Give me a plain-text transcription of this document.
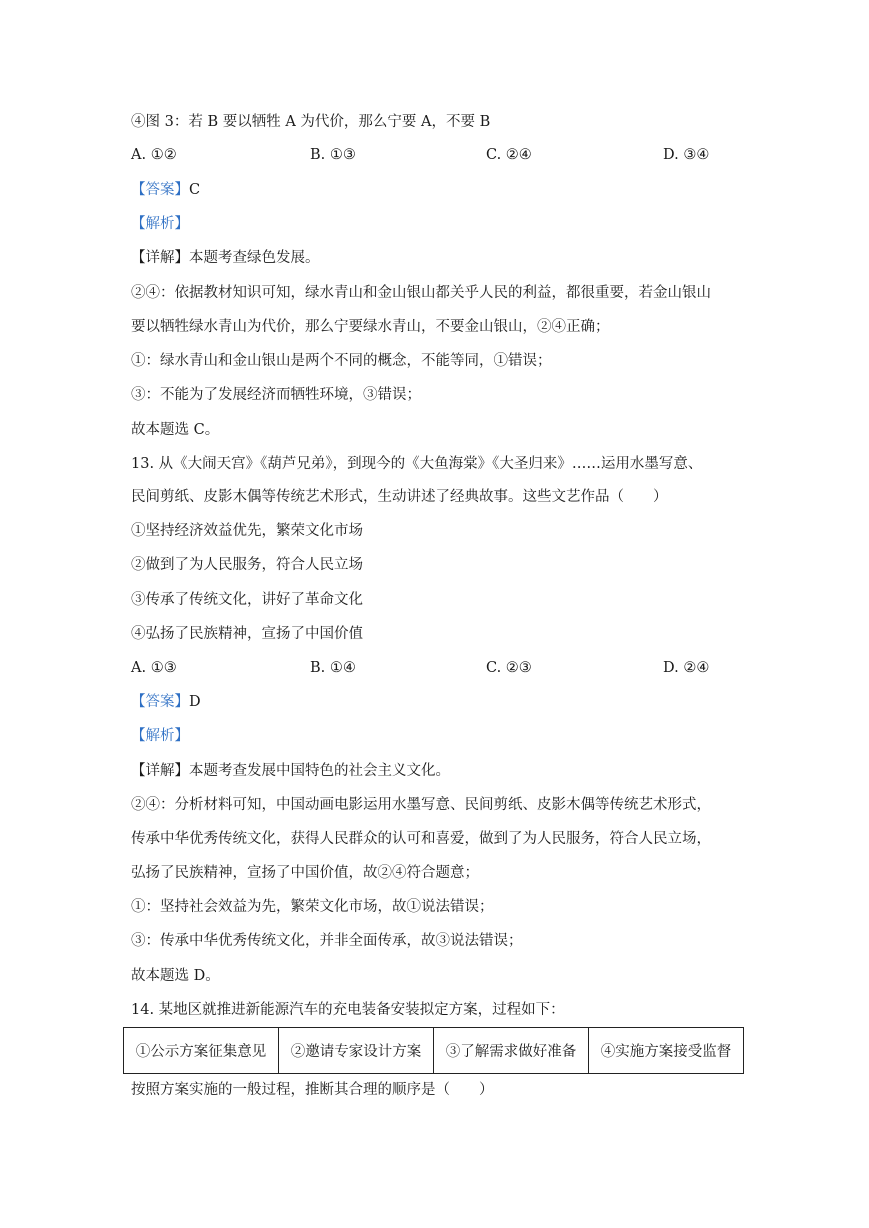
④图 3：若 B 要以牺牲 A 为代价，那么宁要 A，不要 B
A. ①②	B. ①③	C. ②④	D. ③④
【答案】C
【解析】
【详解】本题考查绿色发展。
②④：依据教材知识可知，绿水青山和金山银山都关乎人民的利益，都很重要，若金山银山
要以牺牲绿水青山为代价，那么宁要绿水青山，不要金山银山，②④正确；
①：绿水青山和金山银山是两个不同的概念，不能等同，①错误；
③：不能为了发展经济而牺牲环境，③错误；
故本题选 C。
13. 从《大闹天宫》《葫芦兄弟》，到现今的《大鱼海棠》《大圣归来》……运用水墨写意、
民间剪纸、皮影木偶等传统艺术形式，生动讲述了经典故事。这些文艺作品（　　）
①坚持经济效益优先，繁荣文化市场
②做到了为人民服务，符合人民立场
③传承了传统文化，讲好了革命文化
④弘扬了民族精神，宣扬了中国价值
A. ①③	B. ①④	C. ②③	D. ②④
【答案】D
【解析】
【详解】本题考查发展中国特色的社会主义文化。
②④：分析材料可知，中国动画电影运用水墨写意、民间剪纸、皮影木偶等传统艺术形式，
传承中华优秀传统文化，获得人民群众的认可和喜爱，做到了为人民服务，符合人民立场，
弘扬了民族精神，宣扬了中国价值，故②④符合题意；
①：坚持社会效益为先，繁荣文化市场，故①说法错误；
③：传承中华优秀传统文化，并非全面传承，故③说法错误；
故本题选 D。
14. 某地区就推进新能源汽车的充电装备安装拟定方案，过程如下：
①公示方案征集意见	②邀请专家设计方案	③了解需求做好准备	④实施方案接受监督
按照方案实施的一般过程，推断其合理的顺序是（　　）
